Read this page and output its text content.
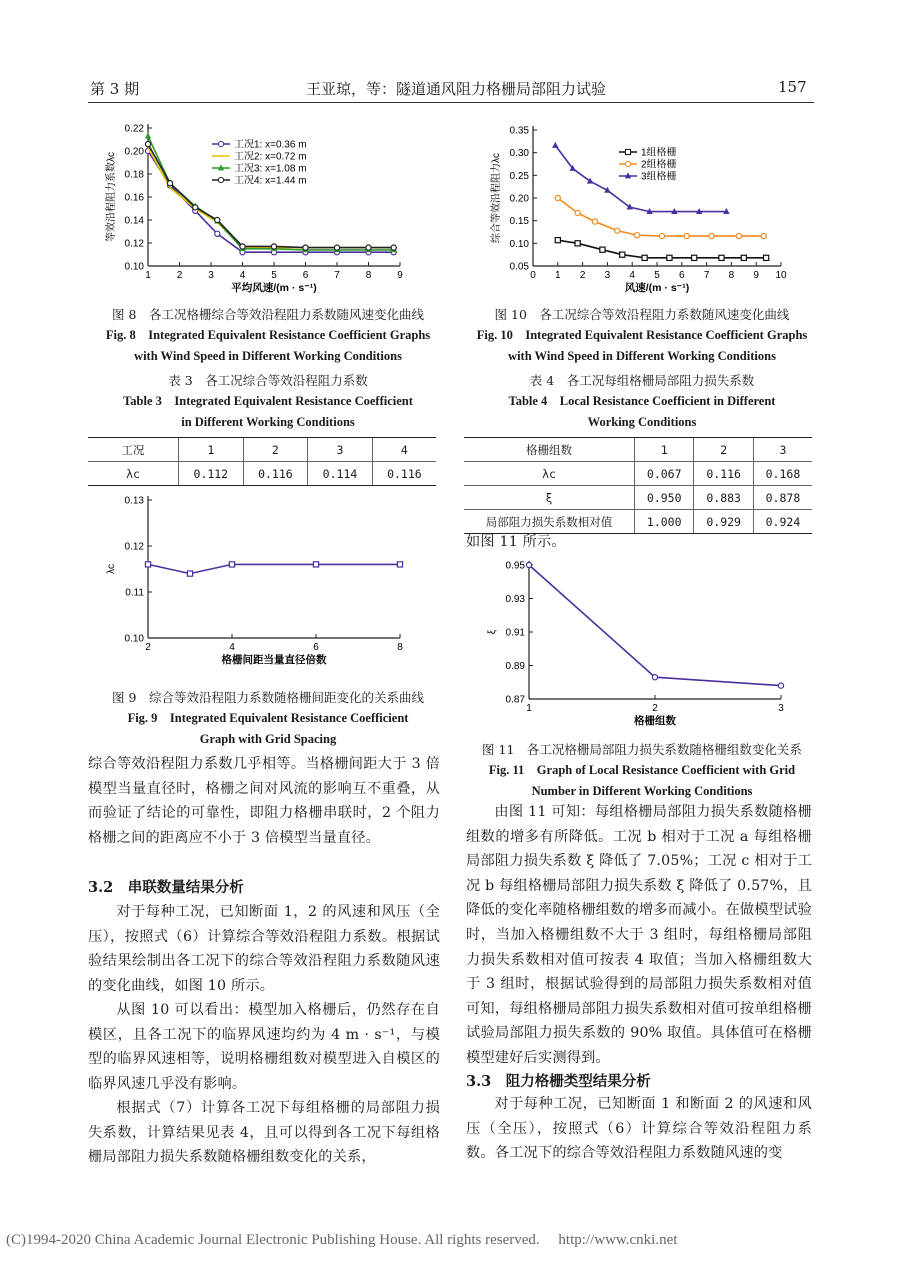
第 3 期	王亚琼，等：隧道通风阻力格栅局部阻力试验	157
1	2	3	4	5	6	7	8	9
0.10
0.12
0.14
0.16
0.18
0.20
0.22
平均风速/(m · s⁻¹)
等效沿程阻力系数λc
工况1: x=0.36 m
工况2: x=0.72 m
工况3: x=1.08 m
工况4: x=1.44 m
图 8　各工况格栅综合等效沿程阻力系数随风速变化曲线
Fig. 8　Integrated Equivalent Resistance Coefficient Graphs
with Wind Speed in Different Working Conditions
表 3　各工况综合等效沿程阻力系数
Table 3　Integrated Equivalent Resistance Coefficient
in Different Working Conditions
工况	1	2	3	4
λc	0.112	0.116	0.114	0.116
2	4	6	8
0.10
0.11
0.12
0.13
格栅间距当量直径倍数
λc
图 9　综合等效沿程阻力系数随格栅间距变化的关系曲线
Fig. 9　Integrated Equivalent Resistance Coefficient
Graph with Grid Spacing
综合等效沿程阻力系数几乎相等。当格栅间距大于 3 倍模型当量直径时，格栅之间对风流的影响互不重叠，从而验证了结论的可靠性，即阻力格栅串联时，2 个阻力格栅之间的距离应不小于 3 倍模型当量直径。
3.2　串联数量结果分析
对于每种工况，已知断面 1，2 的风速和风压（全压），按照式（6）计算综合等效沿程阻力系数。根据试验结果绘制出各工况下的综合等效沿程阻力系数随风速的变化曲线，如图 10 所示。
从图 10 可以看出：模型加入格栅后，仍然存在自模区，且各工况下的临界风速均约为 4 m · s⁻¹，与模型的临界风速相等，说明格栅组数对模型进入自模区的临界风速几乎没有影响。
根据式（7）计算各工况下每组格栅的局部阻力损失系数，计算结果见表 4，且可以得到各工况下每组格栅局部阻力损失系数随格栅组数变化的关系，
0 1 2 3 4 5 6 7 8 9 10
0.05
0.10
0.15
0.20
0.25
0.30
0.35
风速/(m · s⁻¹)
综合等效沿程阻力λc	1组格栅
2组格栅
3组格栅
图 10　各工况综合等效沿程阻力系数随风速变化曲线
Fig. 10　Integrated Equivalent Resistance Coefficient Graphs
with Wind Speed in Different Working Conditions
表 4　各工况每组格栅局部阻力损失系数
Table 4　Local Resistance Coefficient in Different
Working Conditions
格栅组数	1	2	3
λc	0.067	0.116	0.168
ξ	0.950	0.883	0.878
局部阻力损失系数相对值	1.000	0.929	0.924
如图 11 所示。
1	2	3
0.87
0.89
0.91
0.93
0.95
格栅组数
ξ
图 11　各工况格栅局部阻力损失系数随格栅组数变化关系
Fig. 11　Graph of Local Resistance Coefficient with Grid
Number in Different Working Conditions
由图 11 可知：每组格栅局部阻力损失系数随格栅组数的增多有所降低。工况 b 相对于工况 a 每组格栅局部阻力损失系数 ξ 降低了 7.05%；工况 c 相对于工况 b 每组格栅局部阻力损失系数 ξ 降低了 0.57%，且降低的变化率随格栅组数的增多而减小。在做模型试验时，当加入格栅组数不大于 3 组时，每组格栅局部阻力损失系数相对值可按表 4 取值；当加入格栅组数大于 3 组时，根据试验得到的局部阻力损失系数相对值可知，每组格栅局部阻力损失系数相对值可按单组格栅试验局部阻力损失系数的 90% 取值。具体值可在格栅模型建好后实测得到。
3.3　阻力格栅类型结果分析
对于每种工况，已知断面 1 和断面 2 的风速和风压（全压），按照式（6）计算综合等效沿程阻力系数。各工况下的综合等效沿程阻力系数随风速的变
(C)1994-2020 China Academic Journal Electronic Publishing House. All rights reserved.　 http://www.cnki.net
